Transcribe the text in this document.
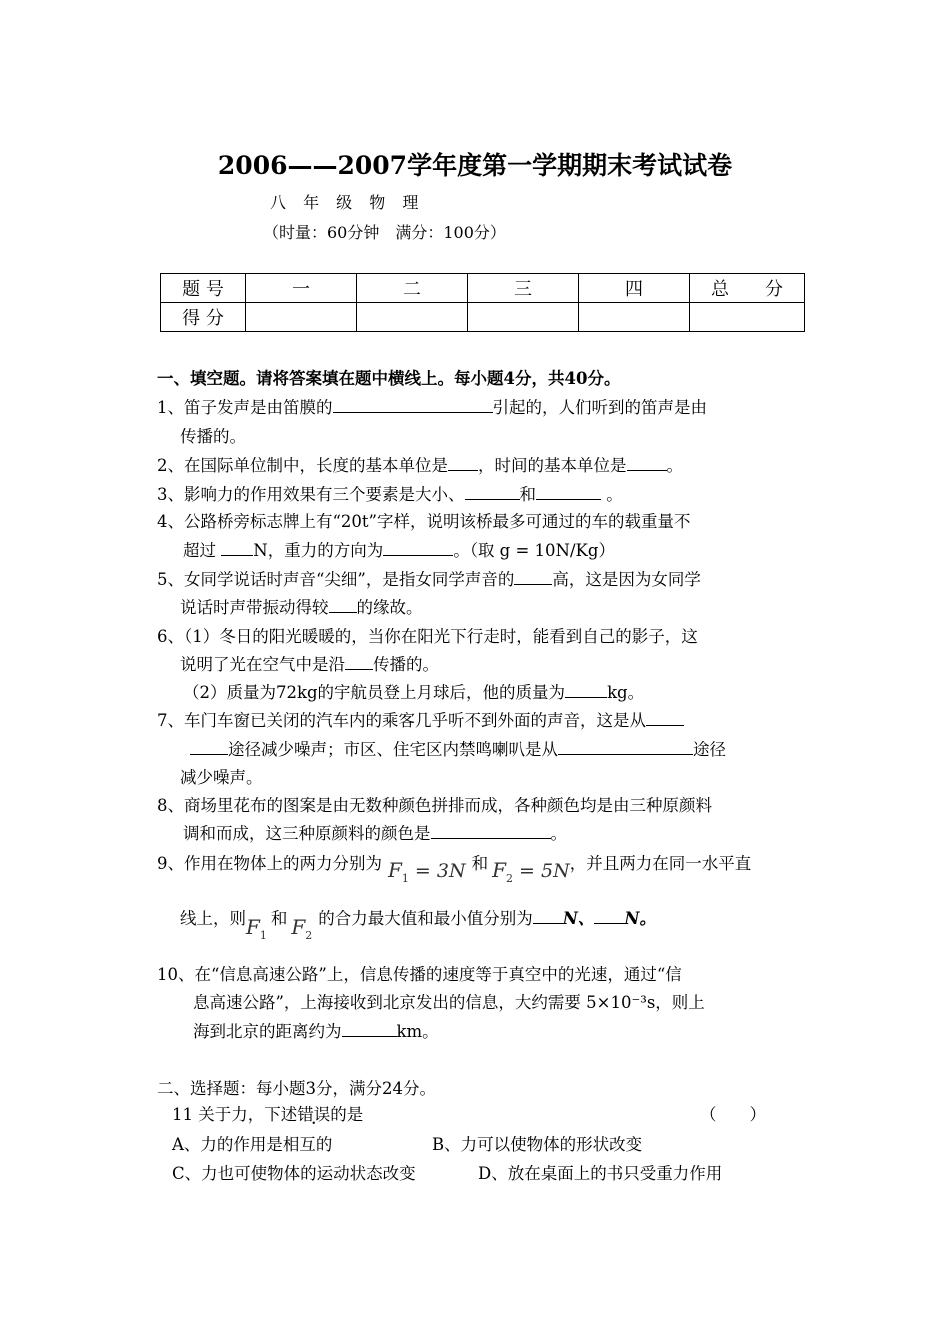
2006——2007学年度第一学期期末考试试卷
八 年 级 物 理
（时量：60分钟　满分：100分）
题 号	一	二	三	四	总　　分
得 分					
一、填空题。请将答案填在题中横线上。每小题4分，共40分。
1、笛子发声是由笛膜的	引起的，人们听到的笛声是由
传播的。
2、在国际单位制中，长度的基本单位是 ，时间的基本单位是 。
3、影响力的作用效果有三个要素是大小、	和	。
4、公路桥旁标志牌上有“20t”字样，说明该桥最多可通过的车的载重量不
超过 N，重力的方向为	。（取 g = 10N/Kg）
5、女同学说话时声音“尖细”，是指女同学声音的 高，这是因为女同学
说话时声带振动得较 的缘故。
6、（1）冬日的阳光暖暖的，当你在阳光下行走时，能看到自己的影子，这
说明了光在空气中是沿 传播的。
（2）质量为72kg的宇航员登上月球后，他的质量为	kg。
7、车门车窗已关闭的汽车内的乘客几乎听不到外面的声音，这是从
途径减少噪声；市区、住宅区内禁鸣喇叭是从	途径
减少噪声。
8、商场里花布的图案是由无数种颜色拼排而成，各种颜色均是由三种原颜料
调和而成，这三种原颜料的颜色是	。
9、作用在物体上的两力分别为 $F_1 = 3N$ 和 $F_2 = 5N$，并且两力在同一水平直
线上，则$F_1$和 $F_2$的合力最大值和最小值分别为 N、 N。
10、在“信息高速公路”上，信息传播的速度等于真空中的光速，通过“信
息高速公路”，上海接收到北京发出的信息，大约需要 5×10⁻³s，则上
海到北京的距离约为	km。
二、选择题：每小题3分，满分24分。
11 关于力，下述错误的是	（　　）
A、力的作用是相互的	B、力可以使物体的形状改变
C、力也可使物体的运动状态改变	D、放在桌面上的书只受重力作用
